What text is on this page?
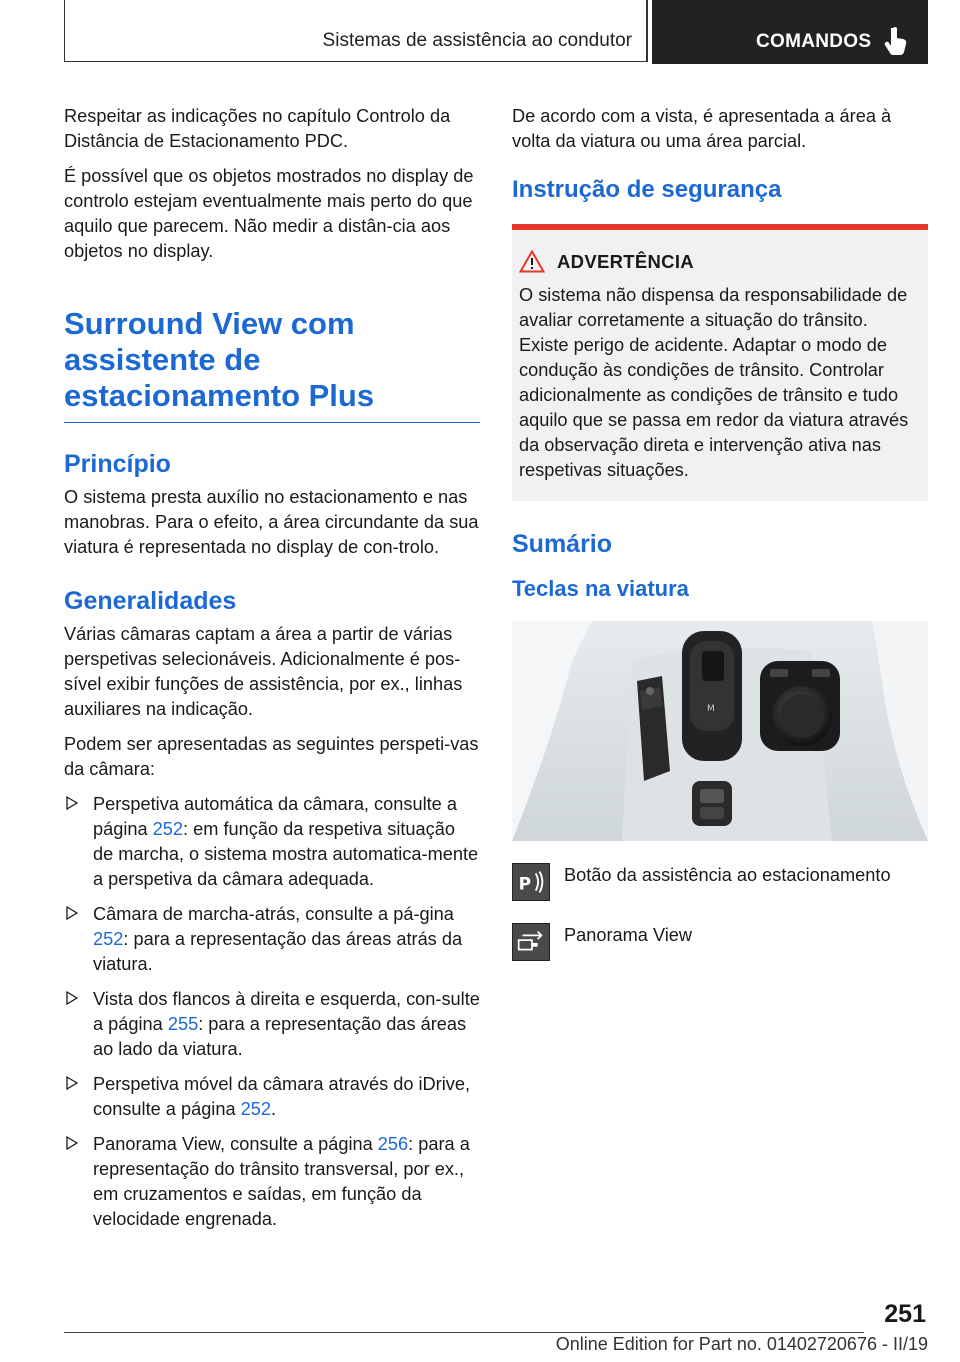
Sistemas de assistência ao condutor	COMANDOS

Respeitar as indicações no capítulo Controlo da Distância de Estacionamento PDC.

É possível que os objetos mostrados no display de controlo estejam eventualmente mais perto do que aquilo que parecem. Não medir a distân‐cia aos objetos no display.

Surround View com assistente de estacionamento Plus
Princípio

O sistema presta auxílio no estacionamento e nas manobras. Para o efeito, a área circundante da sua viatura é representada no display de con‐trolo.

Generalidades

Várias câmaras captam a área a partir de várias perspetivas selecionáveis. Adicionalmente é pos‐sível exibir funções de assistência, por ex., linhas auxiliares na indicação.

Podem ser apresentadas as seguintes perspeti‐vas da câmara:

Perspetiva automática da câmara, consulte a página 252: em função da respetiva situação de marcha, o sistema mostra automatica‐mente a perspetiva da câmara adequada.
Câmara de marcha-atrás, consulte a pá‐gina 252: para a representação das áreas atrás da viatura.
Vista dos flancos à direita e esquerda, con‐sulte a página 255: para a representação das áreas ao lado da viatura.
Perspetiva móvel da câmara através do iDrive, consulte a página 252.
Panorama View, consulte a página 256: para a representação do trânsito transversal, por ex., em cruzamentos e saídas, em função da velocidade engrenada.

De acordo com a vista, é apresentada a área à volta da viatura ou uma área parcial.

Instrução de segurança
ADVERTÊNCIA

O sistema não dispensa da responsabilidade de avaliar corretamente a situação do trânsito. Existe perigo de acidente. Adaptar o modo de condução às condições de trânsito. Controlar adicionalmente as condições de trânsito e tudo aquilo que se passa em redor da viatura através da observação direta e intervenção ativa nas respetivas situações.

Sumário
Teclas na viatura
M
P Botão da assistência ao estacionamento
Panorama View
251
Online Edition for Part no. 01402720676 - II/19
